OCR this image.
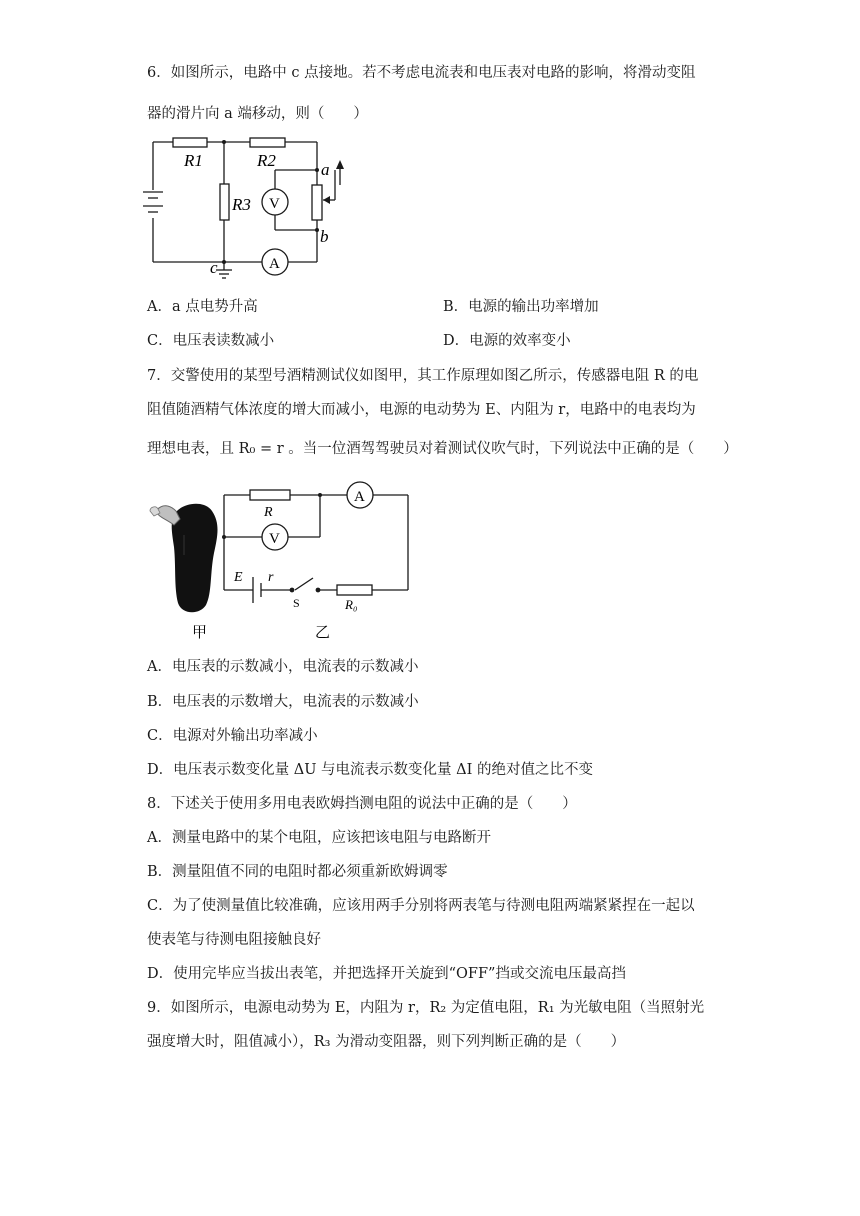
6．如图所示，电路中 c 点接地。若不考虑电流表和电压表对电路的影响，将滑动变阻
器的滑片向 a 端移动，则（　　）
R1	R2
R3 V
A
a
b
c
A．a 点电势升高	B．电源的输出功率增加
C．电压表读数减小	D．电源的效率变小
7．交警使用的某型号酒精测试仪如图甲，其工作原理如图乙所示，传感器电阻 R 的电
阻值随酒精气体浓度的增大而减小，电源的电动势为 E、内阻为 r，电路中的电表均为
理想电表，且 R₀ = r 。当一位酒驾驾驶员对着测试仪吹气时，下列说法中正确的是（　　）
甲
R
V
A
E r
S	R₀
乙
A．电压表的示数减小，电流表的示数减小
B．电压表的示数增大，电流表的示数减小
C．电源对外输出功率减小
D．电压表示数变化量 ΔU 与电流表示数变化量 ΔI 的绝对值之比不变
8．下述关于使用多用电表欧姆挡测电阻的说法中正确的是（　　）
A．测量电路中的某个电阻，应该把该电阻与电路断开
B．测量阻值不同的电阻时都必须重新欧姆调零
C．为了使测量值比较准确，应该用两手分别将两表笔与待测电阻两端紧紧捏在一起以
使表笔与待测电阻接触良好
D．使用完毕应当拔出表笔，并把选择开关旋到“OFF”挡或交流电压最高挡
9．如图所示，电源电动势为 E，内阻为 r，R₂ 为定值电阻，R₁ 为光敏电阻（当照射光
强度增大时，阻值减小），R₃ 为滑动变阻器，则下列判断正确的是（　　）
